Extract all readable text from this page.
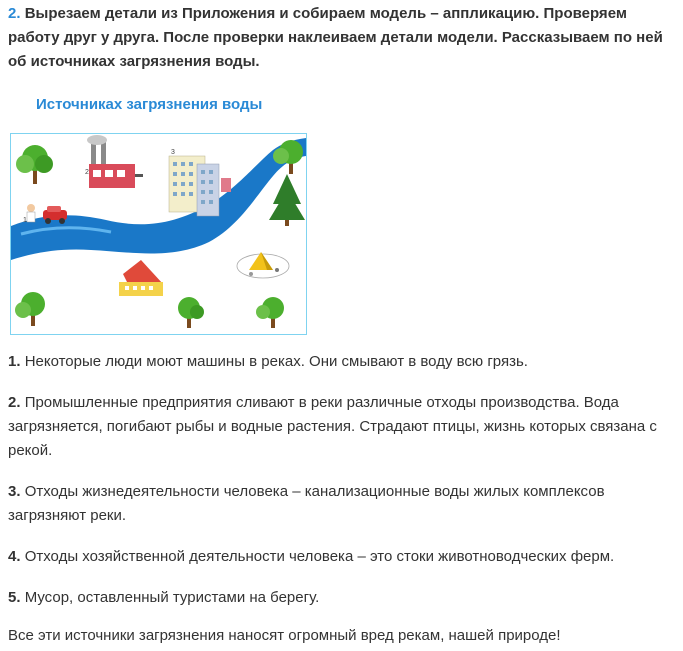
2. Вырезаем детали из Приложения и собираем модель – аппликацию. Проверяем работу друг у друга. После проверки наклеиваем детали модели. Рассказываем по ней об источниках загрязнения воды.
Источниках загрязнения воды
2
3
1

1. Некоторые люди моют машины в реках. Они смывают в воду всю грязь.

2. Промышленные предприятия сливают в реки различные отходы производства. Вода загрязняется, погибают рыбы и водные растения. Страдают птицы, жизнь которых связана с рекой.

3. Отходы жизнедеятельности человека – канализационные воды жилых комплексов загрязняют реки.

4. Отходы хозяйственной деятельности человека – это стоки животноводческих ферм.

5. Мусор, оставленный туристами на берегу.

Все эти источники загрязнения наносят огромный вред рекам, нашей природе!
